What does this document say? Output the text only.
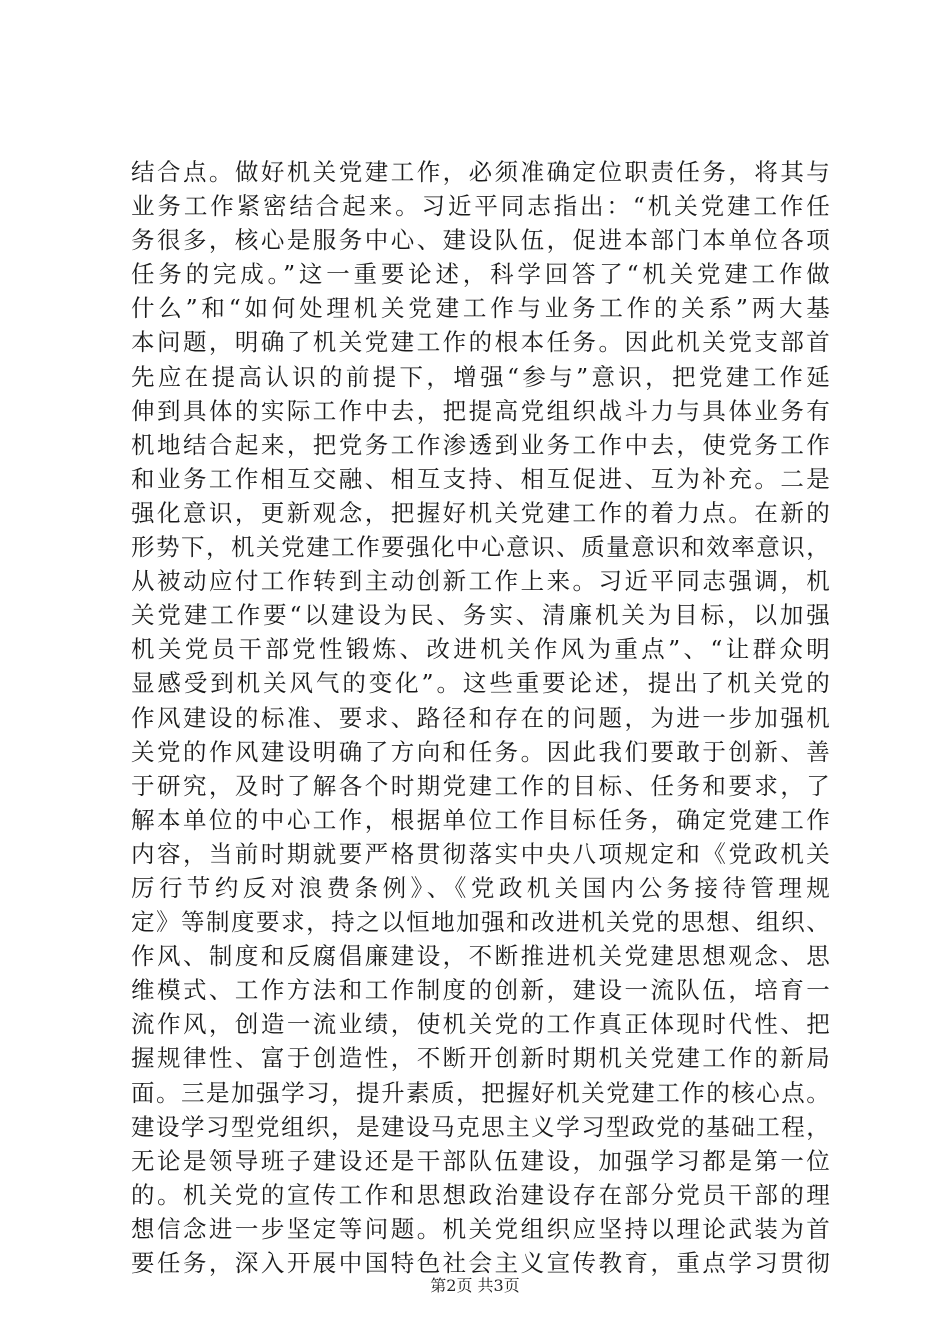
结合点。做好机关党建工作，必须准确定位职责任务，将其与
业务工作紧密结合起来。习近平同志指出：“机关党建工作任
务很多，核心是服务中心、建设队伍，促进本部门本单位各项
任务的完成。”这一重要论述，科学回答了“机关党建工作做
什么”和“如何处理机关党建工作与业务工作的关系”两大基
本问题，明确了机关党建工作的根本任务。因此机关党支部首
先应在提高认识的前提下，增强“参与”意识，把党建工作延
伸到具体的实际工作中去，把提高党组织战斗力与具体业务有
机地结合起来，把党务工作渗透到业务工作中去，使党务工作
和业务工作相互交融、相互支持、相互促进、互为补充。二是
强化意识，更新观念，把握好机关党建工作的着力点。在新的
形势下，机关党建工作要强化中心意识、质量意识和效率意识，
从被动应付工作转到主动创新工作上来。习近平同志强调，机
关党建工作要“以建设为民、务实、清廉机关为目标，以加强
机关党员干部党性锻炼、改进机关作风为重点”、“让群众明
显感受到机关风气的变化”。这些重要论述，提出了机关党的
作风建设的标准、要求、路径和存在的问题，为进一步加强机
关党的作风建设明确了方向和任务。因此我们要敢于创新、善
于研究，及时了解各个时期党建工作的目标、任务和要求，了
解本单位的中心工作，根据单位工作目标任务，确定党建工作
内容，当前时期就要严格贯彻落实中央八项规定和《党政机关
厉行节约反对浪费条例》、《党政机关国内公务接待管理规
定》等制度要求，持之以恒地加强和改进机关党的思想、组织、
作风、制度和反腐倡廉建设，不断推进机关党建思想观念、思
维模式、工作方法和工作制度的创新，建设一流队伍，培育一
流作风，创造一流业绩，使机关党的工作真正体现时代性、把
握规律性、富于创造性，不断开创新时期机关党建工作的新局
面。三是加强学习，提升素质，把握好机关党建工作的核心点。
建设学习型党组织，是建设马克思主义学习型政党的基础工程，
无论是领导班子建设还是干部队伍建设，加强学习都是第一位
的。机关党的宣传工作和思想政治建设存在部分党员干部的理
想信念进一步坚定等问题。机关党组织应坚持以理论武装为首
要任务，深入开展中国特色社会主义宣传教育，重点学习贯彻
第2页 共3页
